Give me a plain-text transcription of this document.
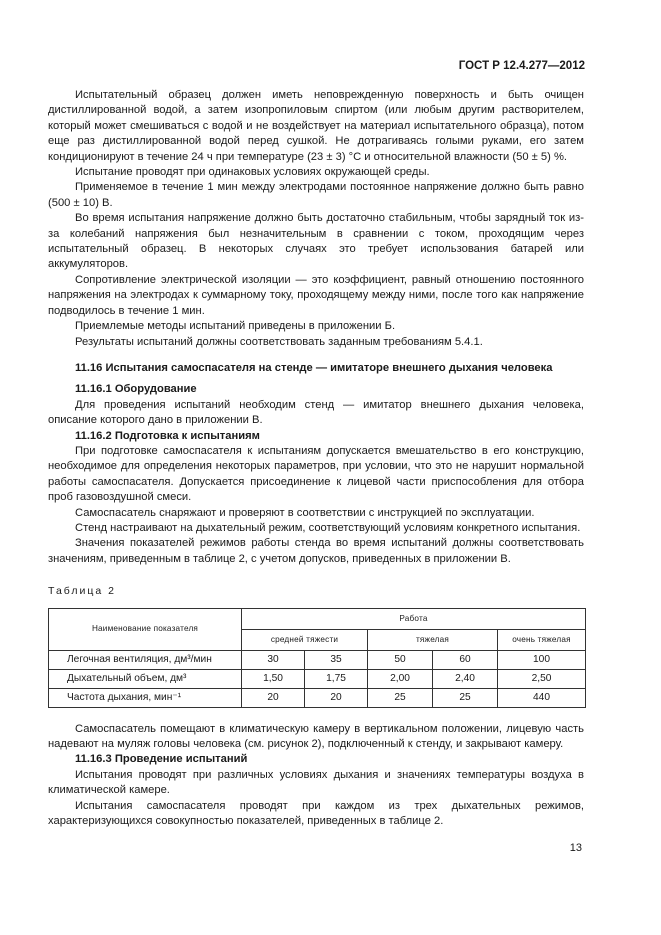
ГОСТ Р 12.4.277—2012

Испытательный образец должен иметь неповрежденную поверхность и быть очищен дистиллированной водой, а затем изопропиловым спиртом (или любым другим растворителем, который может смешиваться с водой и не воздействует на материал испытательного образца), потом еще раз дистиллированной водой перед сушкой. Не дотрагиваясь голыми руками, его затем кондиционируют в течение 24 ч при температуре (23 ± 3) °С и относительной влажности (50 ± 5) %.

Испытание проводят при одинаковых условиях окружающей среды.

Применяемое в течение 1 мин между электродами постоянное напряжение должно быть равно (500 ± 10) В.

Во время испытания напряжение должно быть достаточно стабильным, чтобы зарядный ток из-за колебаний напряжения был незначительным в сравнении с током, проходящим через испытательный образец. В некоторых случаях это требует использования батарей или аккумуляторов.

Сопротивление электрической изоляции — это коэффициент, равный отношению постоянного напряжения на электродах к суммарному току, проходящему между ними, после того как напряжение подводилось в течение 1 мин.

Приемлемые методы испытаний приведены в приложении Б.

Результаты испытаний должны соответствовать заданным требованиям 5.4.1.

11.16 Испытания самоспасателя на стенде — имитаторе внешнего дыхания человека

11.16.1 Оборудование

Для проведения испытаний необходим стенд — имитатор внешнего дыхания человека, описание которого дано в приложении В.

11.16.2 Подготовка к испытаниям

При подготовке самоспасателя к испытаниям допускается вмешательство в его конструкцию, необходимое для определения некоторых параметров, при условии, что это не нарушит нормальной работы самоспасателя. Допускается присоединение к лицевой части приспособления для отбора проб газовоздушной смеси.

Самоспасатель снаряжают и проверяют в соответствии с инструкцией по эксплуатации.

Стенд настраивают на дыхательный режим, соответствующий условиям конкретного испытания.

Значения показателей режимов работы стенда во время испытаний должны соответствовать значениям, приведенным в таблице 2, с учетом допусков, приведенных в приложении В.

Таблица 2

Наименование показателя	Работа				
	средней тяжести		тяжелая		очень тяжелая
Легочная вентиляция, дм³/мин	30	35	50	60	100
Дыхательный объем, дм³	1,50	1,75	2,00	2,40	2,50
Частота дыхания, мин⁻¹	20	20	25	25	440

Самоспасатель помещают в климатическую камеру в вертикальном положении, лицевую часть надевают на муляж головы человека (см. рисунок 2), подключенный к стенду, и закрывают камеру.

11.16.3 Проведение испытаний

Испытания проводят при различных условиях дыхания и значениях температуры воздуха в климатической камере.

Испытания самоспасателя проводят при каждом из трех дыхательных режимов, характеризующихся совокупностью показателей, приведенных в таблице 2.

13
